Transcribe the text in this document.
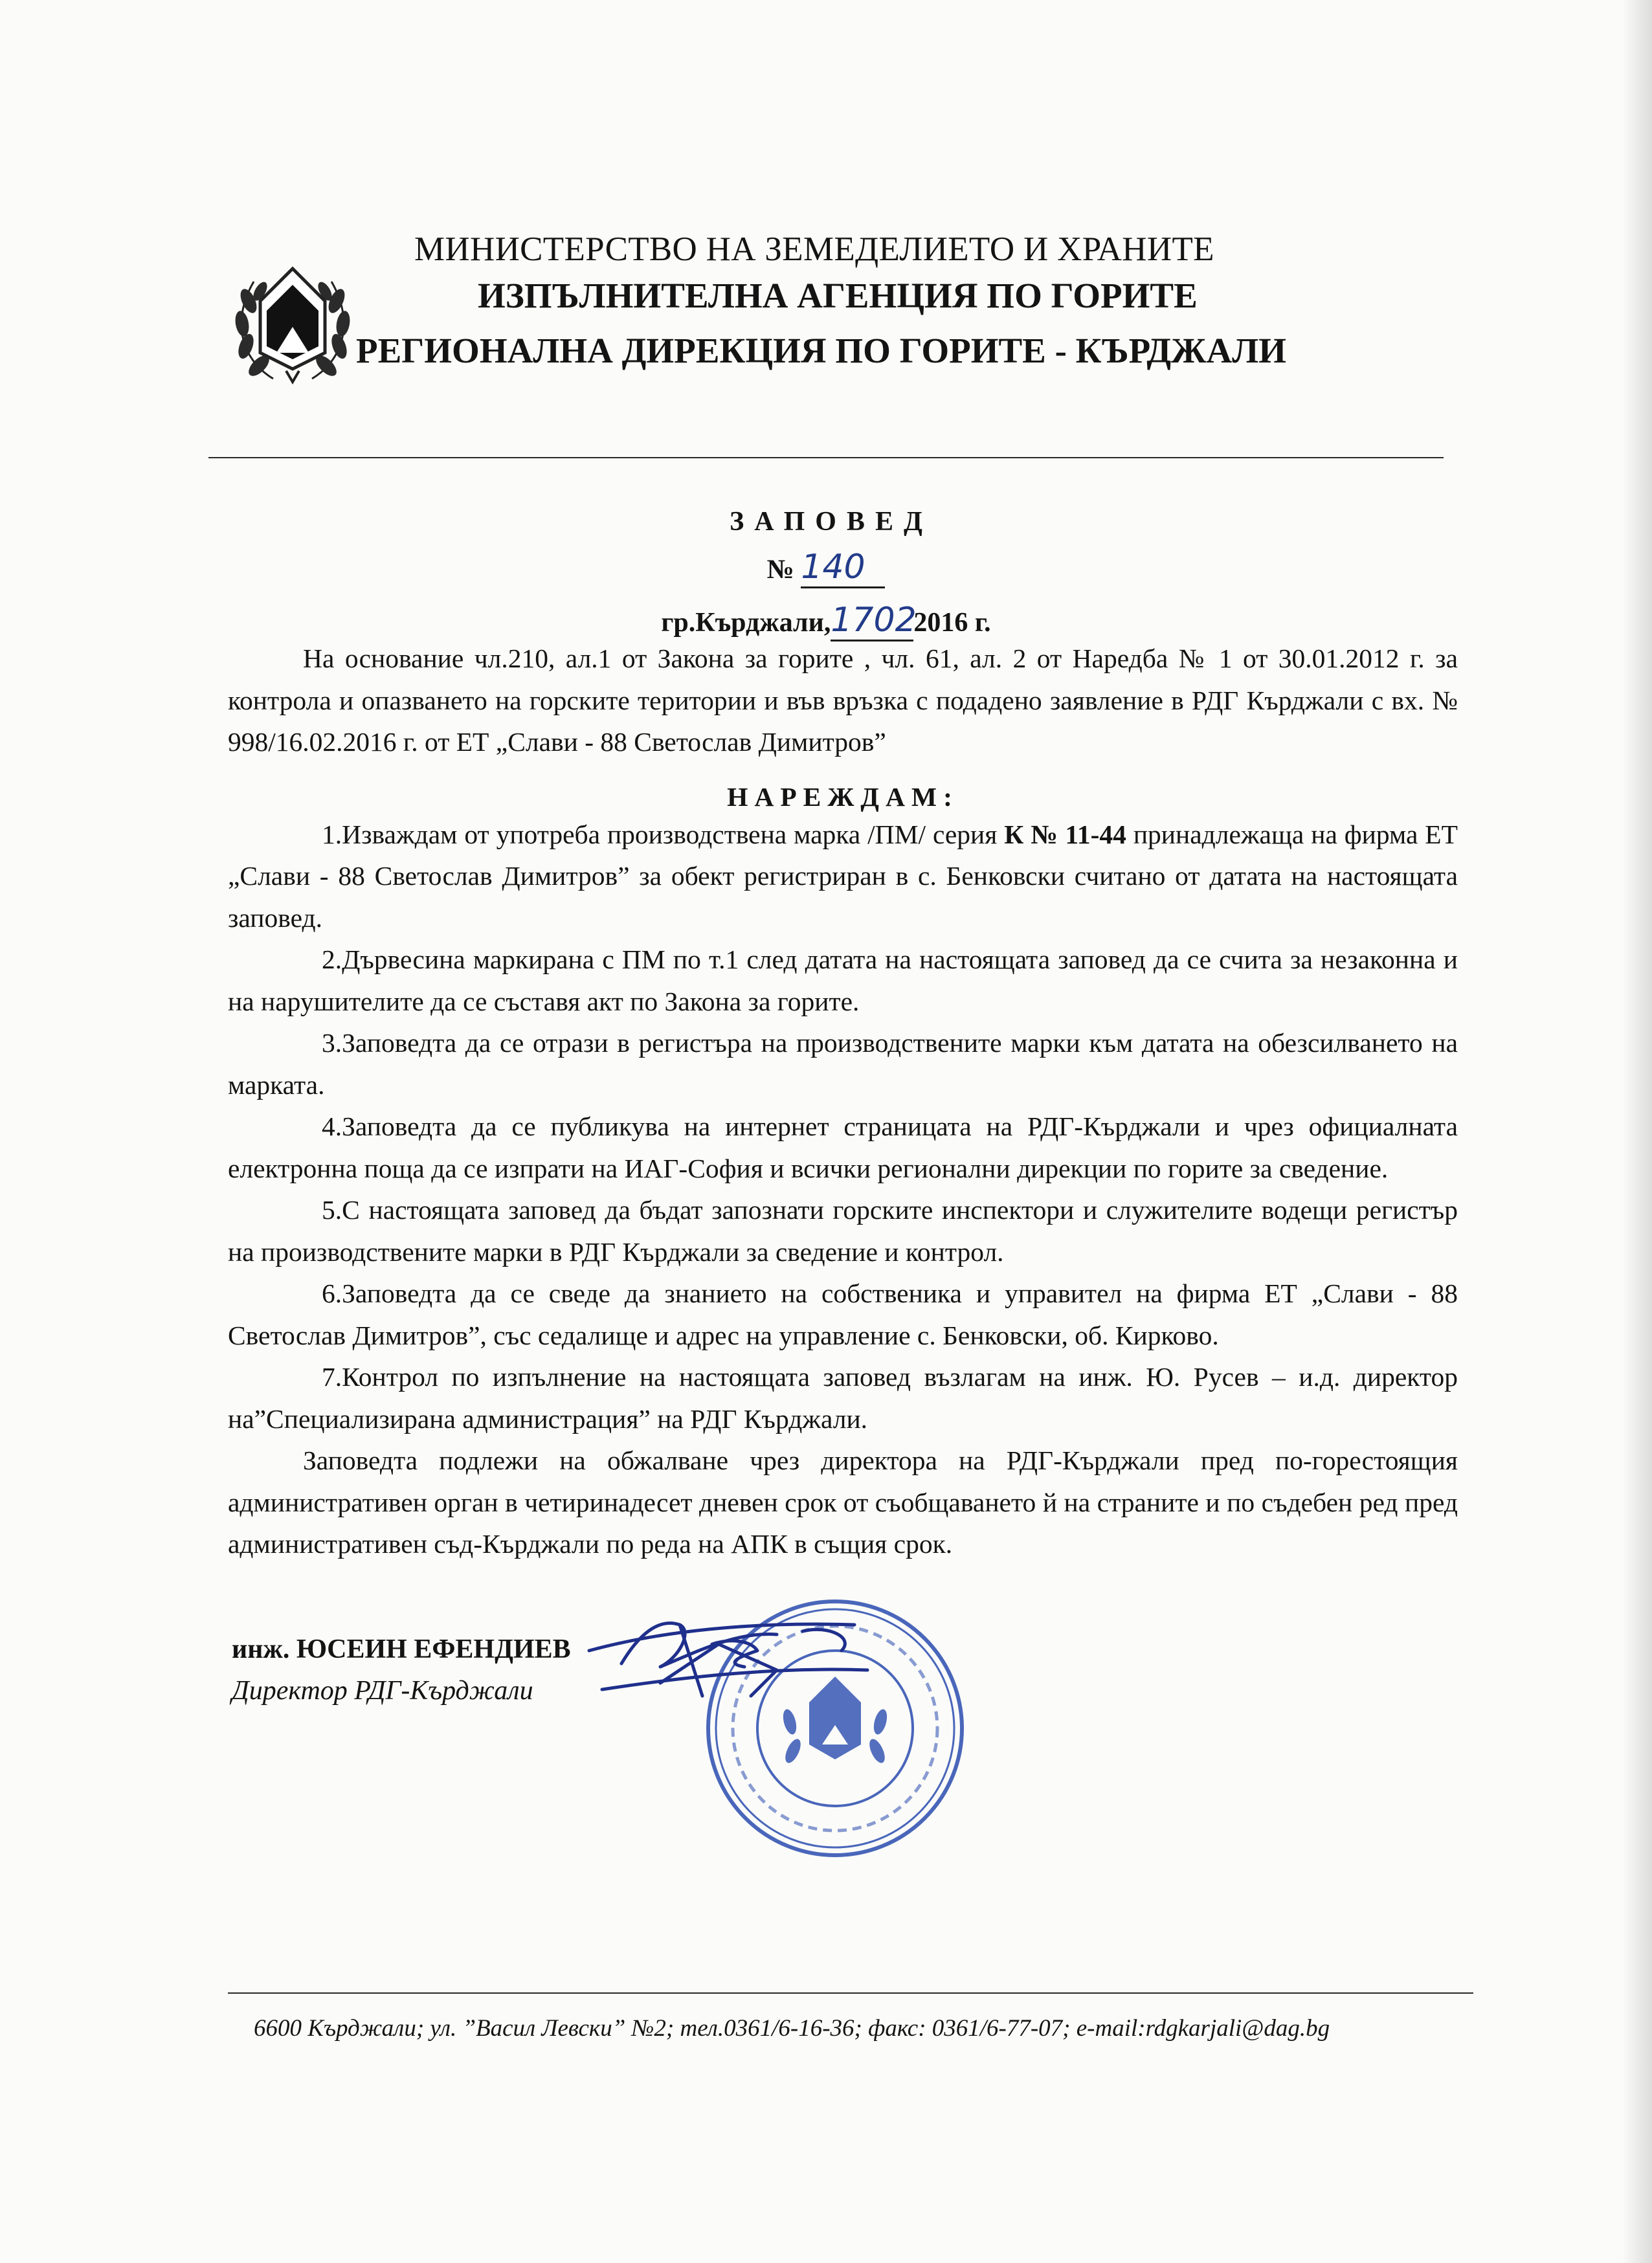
МИНИСТЕРСТВО НА ЗЕМЕДЕЛИЕТО И ХРАНИТЕ
ИЗПЪЛНИТЕЛНА АГЕНЦИЯ ПО ГОРИТЕ
РЕГИОНАЛНА ДИРЕКЦИЯ ПО ГОРИТЕ - КЪРДЖАЛИ
ЗАПОВЕД
№ 140
гр.Кърджали,17022016 г.

На основание чл.210, ал.1 от Закона за горите , чл. 61, ал. 2 от Наредба № 1 от 30.01.2012 г. за контрола и опазването на горските територии и във връзка с подадено заявление в РДГ Кърджали с вх. № 998/16.02.2016 г. от ЕТ „Слави - 88 Светослав Димитров”

НАРЕЖДАМ:

1.Изваждам от употреба производствена марка /ПМ/ серия К № 11-44 принадлежаща на фирма ЕТ „Слави - 88 Светослав Димитров” за обект регистриран в с. Бенковски считано от датата на настоящата заповед.

2.Дървесина маркирана с ПМ по т.1 след датата на настоящата заповед да се счита за незаконна и на нарушителите да се съставя акт по Закона за горите.

3.Заповедта да се отрази в регистъра на производствените марки към датата на обезсилването на марката.

4.Заповедта да се публикува на интернет страницата на РДГ-Кърджали и чрез официалната електронна поща да се изпрати на ИАГ-София и всички регионални дирекции по горите за сведение.

5.С настоящата заповед да бъдат запознати горските инспектори и служителите водещи регистър на производствените марки в РДГ Кърджали за сведение и контрол.

6.Заповедта да се сведе да знанието на собственика и управител на фирма ЕТ „Слави - 88 Светослав Димитров”, със седалище и адрес на управление с. Бенковски, об. Кирково.

7.Контрол по изпълнение на настоящата заповед възлагам на инж. Ю. Русев – и.д. директор на”Специализирана администрация” на РДГ Кърджали.

Заповедта подлежи на обжалване чрез директора на РДГ-Кърджали пред по-горестоящия административен орган в четиринадесет дневен срок от съобщаването й на страните и по съдебен ред пред административен съд-Кърджали по реда на АПК в същия срок.

инж. ЮСЕИН ЕФЕНДИЕВ
Директор РДГ-Кърджали
6600 Кърджали; ул. ”Васил Левски” №2; тел.0361/6-16-36; факс: 0361/6-77-07; e-mail:rdgkarjali@dag.bg
